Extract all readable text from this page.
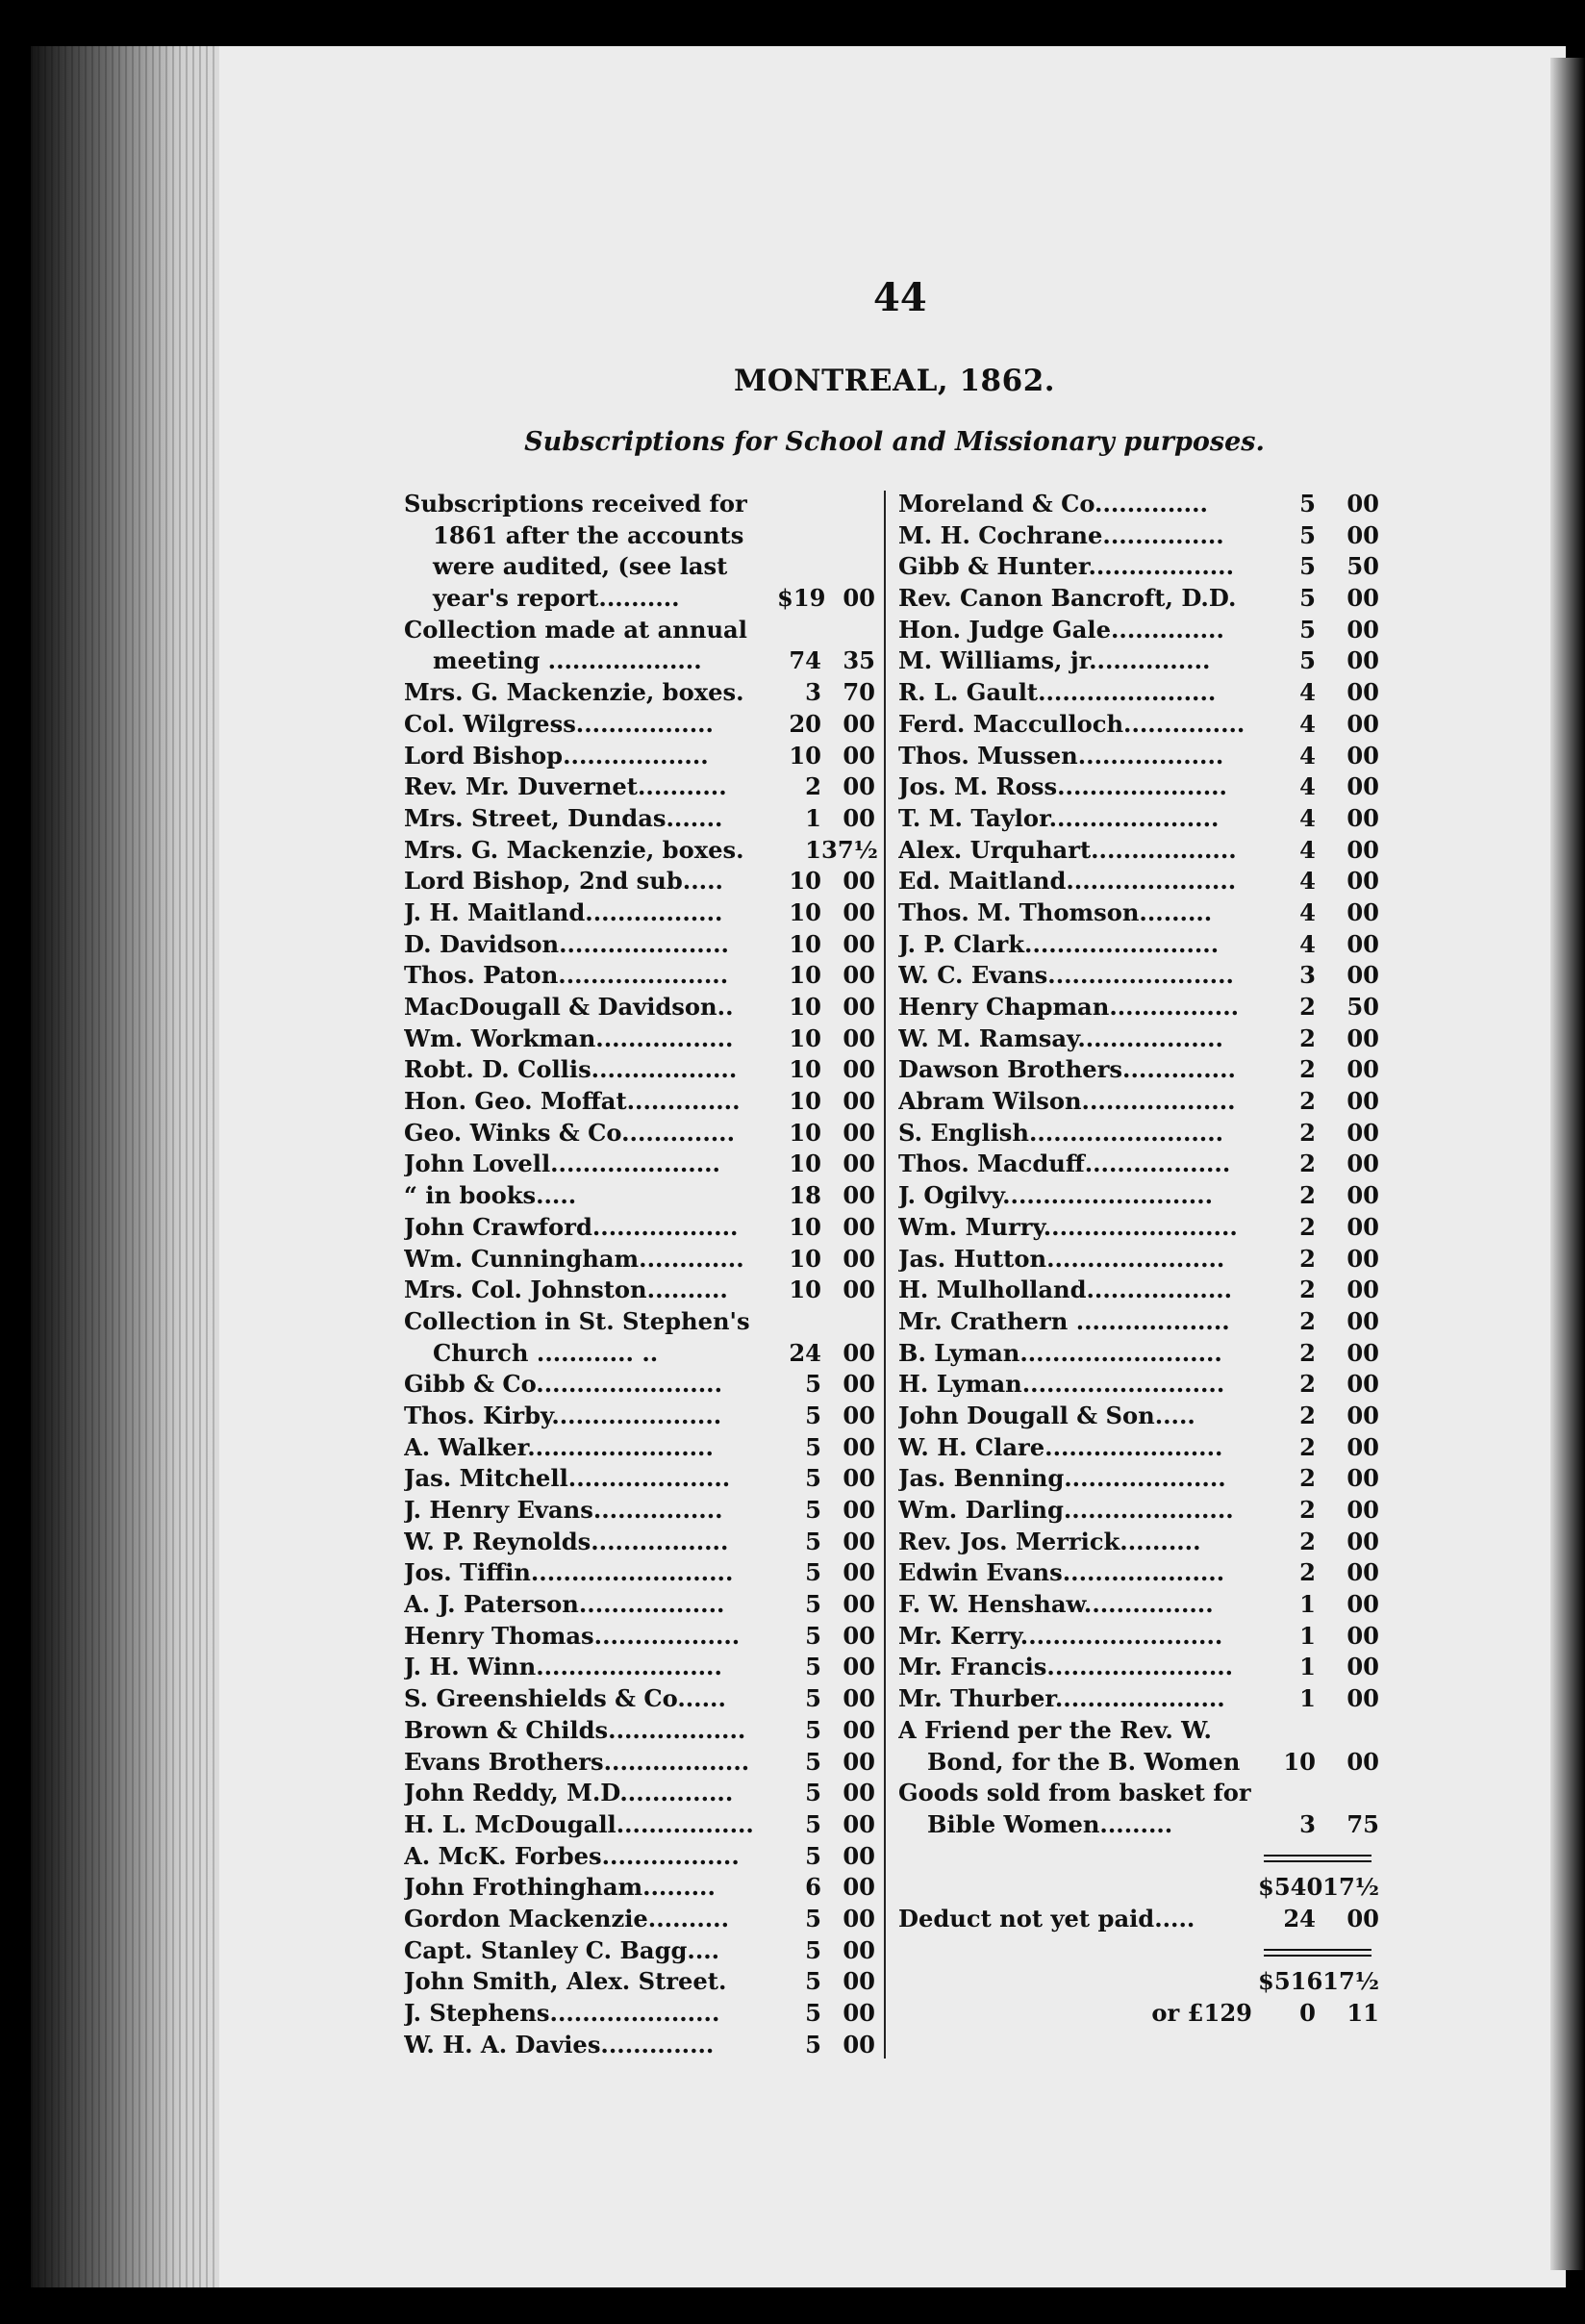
44
MONTREAL, 1862.
Subscriptions for School and Missionary purposes.
Subscriptions received for
1861 after the accounts
were audited, (see last
year's report..........	$19 00
Collection made at annual
meeting ...................	74 35
Mrs. G. Mackenzie, boxes.	3 70
Col. Wilgress.................	20 00
Lord Bishop..................	10 00
Rev. Mr. Duvernet...........	2 00
Mrs. Street, Dundas.......	1 00
Mrs. G. Mackenzie, boxes.	1 37½
Lord Bishop, 2nd sub.....	10 00
J. H. Maitland.................	10 00
D. Davidson.....................	10 00
Thos. Paton.....................	10 00
MacDougall & Davidson..	10 00
Wm. Workman.................	10 00
Robt. D. Collis..................	10 00
Hon. Geo. Moffat..............	10 00
Geo. Winks & Co..............	10 00
John Lovell.....................	10 00
“ in books.....	18 00
John Crawford..................	10 00
Wm. Cunningham.............	10 00
Mrs. Col. Johnston..........	10 00
Collection in St. Stephen's
Church ............ ..	24 00
Gibb & Co.......................	5 00
Thos. Kirby.....................	5 00
A. Walker.......................	5 00
Jas. Mitchell....................	5 00
J. Henry Evans................	5 00
W. P. Reynolds.................	5 00
Jos. Tiffin.........................	5 00
A. J. Paterson..................	5 00
Henry Thomas..................	5 00
J. H. Winn.......................	5 00
S. Greenshields & Co......	5 00
Brown & Childs.................	5 00
Evans Brothers..................	5 00
John Reddy, M.D..............	5 00
H. L. McDougall.................	5 00
A. McK. Forbes.................	5 00
John Frothingham.........	6 00
Gordon Mackenzie..........	5 00
Capt. Stanley C. Bagg....	5 00
John Smith, Alex. Street.	5 00
J. Stephens.....................	5 00
W. H. A. Davies..............	5 00
Moreland & Co..............	5	00
M. H. Cochrane...............	5	00
Gibb & Hunter..................	5	50
Rev. Canon Bancroft, D.D.	5	00
Hon. Judge Gale..............	5	00
M. Williams, jr...............	5	00
R. L. Gault......................	4	00
Ferd. Macculloch...............	4	00
Thos. Mussen..................	4	00
Jos. M. Ross.....................	4	00
T. M. Taylor.....................	4	00
Alex. Urquhart..................	4	00
Ed. Maitland.....................	4	00
Thos. M. Thomson.........	4	00
J. P. Clark........................	4	00
W. C. Evans.......................	3	00
Henry Chapman................	2	50
W. M. Ramsay..................	2	00
Dawson Brothers..............	2	00
Abram Wilson...................	2	00
S. English........................	2	00
Thos. Macduff..................	2	00
J. Ogilvy..........................	2	00
Wm. Murry........................	2	00
Jas. Hutton......................	2	00
H. Mulholland..................	2	00
Mr. Crathern ...................	2	00
B. Lyman.........................	2	00
H. Lyman.........................	2	00
John Dougall & Son.....	2	00
W. H. Clare......................	2	00
Jas. Benning....................	2	00
Wm. Darling.....................	2	00
Rev. Jos. Merrick..........	2	00
Edwin Evans....................	2	00
F. W. Henshaw................	1	00
Mr. Kerry.........................	1	00
Mr. Francis.......................	1	00
Mr. Thurber.....................	1	00
A Friend per the Rev. W.
Bond, for the B. Women	10	00
Goods sold from basket for
Bible Women.........	3	75
$540 17½
Deduct not yet paid.....	24	00
$516 17½
or £129	0	11
